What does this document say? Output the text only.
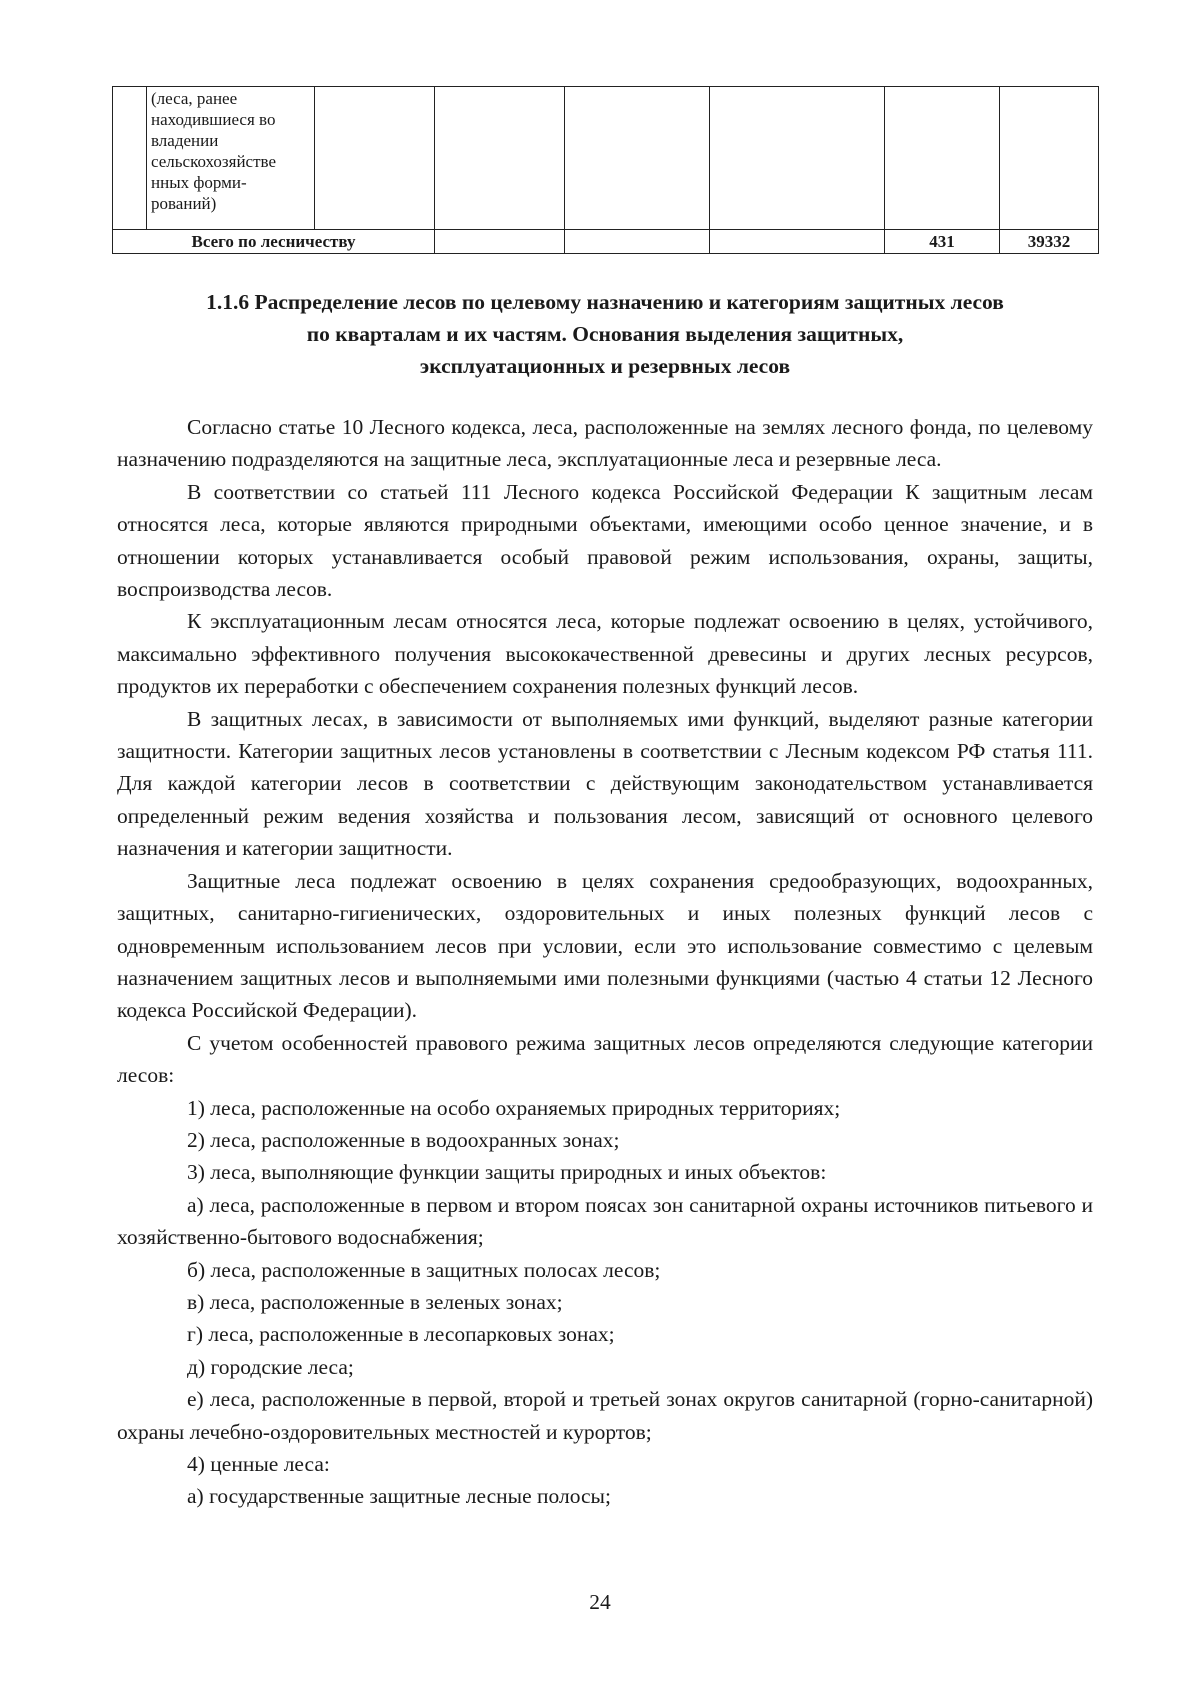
	(леса, ранее находившиеся во владении сельскохозяйстве нных форми-рований)						
Всего по лесничеству						431	39332
1.1.6 Распределение лесов по целевому назначению и категориям защитных лесов
по кварталам и их частям. Основания выделения защитных,
эксплуатационных и резервных лесов

Согласно статье 10 Лесного кодекса, леса, расположенные на землях лесного фонда, по целевому назначению подразделяются на защитные леса, эксплуатационные леса и резервные леса.

В соответствии со статьей 111 Лесного кодекса Российской Федерации К защитным лесам относятся леса, которые являются природными объектами, имеющими особо ценное значение, и в отношении которых устанавливается особый правовой режим использования, охраны, защиты, воспроизводства лесов.

К эксплуатационным лесам относятся леса, которые подлежат освоению в целях, устойчивого, максимально эффективного получения высококачественной древесины и других лесных ресурсов, продуктов их переработки с обеспечением сохранения полезных функций лесов.

В защитных лесах, в зависимости от выполняемых ими функций, выделяют разные категории защитности. Категории защитных лесов установлены в соответствии с Лесным кодексом РФ статья 111. Для каждой категории лесов в соответствии с действующим законодательством устанавливается определенный режим ведения хозяйства и пользования лесом, зависящий от основного целевого назначения и категории защитности.

Защитные леса подлежат освоению в целях сохранения средообразующих, водоохранных, защитных, санитарно-гигиенических, оздоровительных и иных полезных функций лесов с одновременным использованием лесов при условии, если это использование совместимо с целевым назначением защитных лесов и выполняемыми ими полезными функциями (частью 4 статьи 12 Лесного кодекса Российской Федерации).

С учетом особенностей правового режима защитных лесов определяются следующие категории лесов:

1) леса, расположенные на особо охраняемых природных территориях;

2) леса, расположенные в водоохранных зонах;

3) леса, выполняющие функции защиты природных и иных объектов:

а) леса, расположенные в первом и втором поясах зон санитарной охраны источников питьевого и хозяйственно-бытового водоснабжения;

б) леса, расположенные в защитных полосах лесов;

в) леса, расположенные в зеленых зонах;

г) леса, расположенные в лесопарковых зонах;

д) городские леса;

е) леса, расположенные в первой, второй и третьей зонах округов санитарной (горно-санитарной) охраны лечебно-оздоровительных местностей и курортов;

4) ценные леса:

а) государственные защитные лесные полосы;

24
